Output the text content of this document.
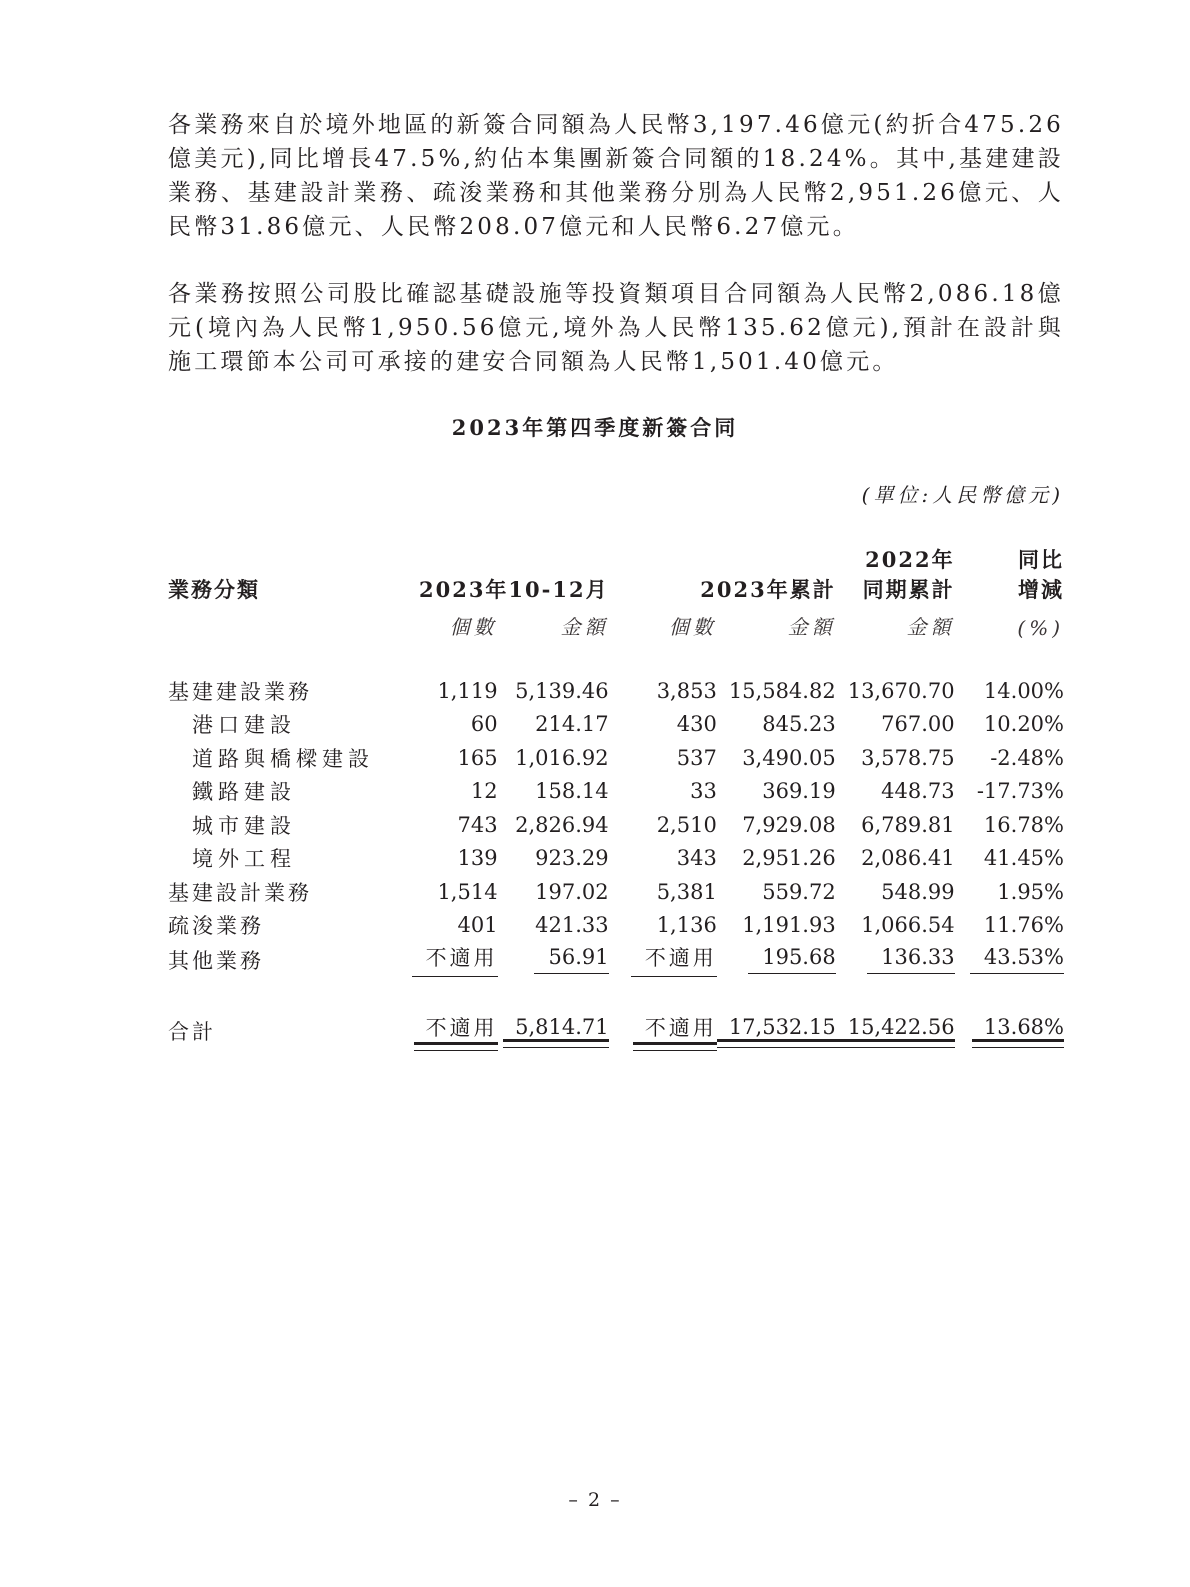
各業務來自於境外地區的新簽合同額為人民幣3,197.46億元(約折合475.26億美元),同比增長47.5%,約佔本集團新簽合同額的18.24%。其中,基建建設業務、基建設計業務、疏浚業務和其他業務分別為人民幣2,951.26億元、人民幣31.86億元、人民幣208.07億元和人民幣6.27億元。

各業務按照公司股比確認基礎設施等投資類項目合同額為人民幣2,086.18億元(境內為人民幣1,950.56億元,境外為人民幣135.62億元),預計在設計與施工環節本公司可承接的建安合同額為人民幣1,501.40億元。

2023年第四季度新簽合同
(單位:人民幣億元)
					2022年	同比
業務分類	2023年10-12月		2023年累計		同期累計	增減
	個數	金額	個數	金額	金額	(%)

基建建設業務	1,119	5,139.46	3,853	15,584.82	13,670.70	14.00%
港口建設	60	214.17	430	845.23	767.00	10.20%
道路與橋樑建設	165	1,016.92	537	3,490.05	3,578.75	-2.48%
鐵路建設	12	158.14	33	369.19	448.73	-17.73%
城市建設	743	2,826.94	2,510	7,929.08	6,789.81	16.78%
境外工程	139	923.29	343	2,951.26	2,086.41	41.45%
基建設計業務	1,514	197.02	5,381	559.72	548.99	1.95%
疏浚業務	401	421.33	1,136	1,191.93	1,066.54	11.76%
其他業務	不適用	56.91	不適用	195.68	136.33	43.53%

合計	不適用	5,814.71	不適用	17,532.15	15,422.56	13.68%
– 2 –
